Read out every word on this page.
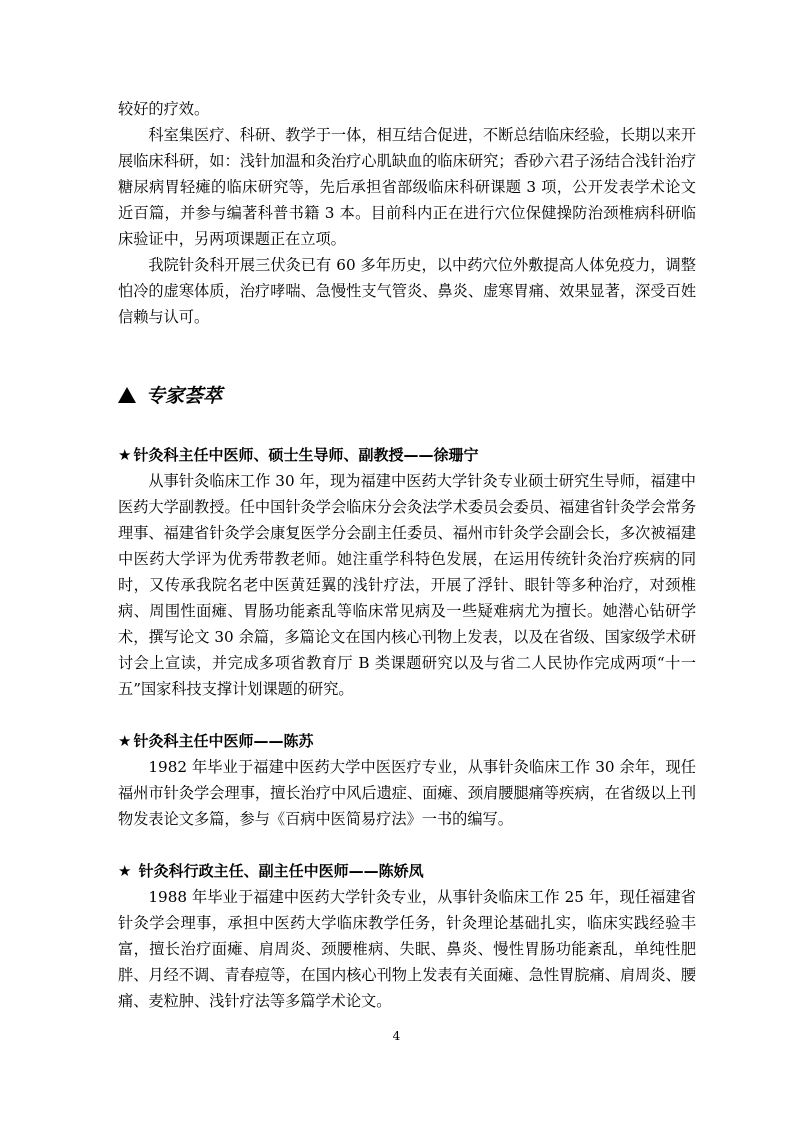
较好的疗效。

科室集医疗、科研、教学于一体，相互结合促进，不断总结临床经验，长期以来开展临床科研，如：浅针加温和灸治疗心肌缺血的临床研究；香砂六君子汤结合浅针治疗糖尿病胃轻瘫的临床研究等，先后承担省部级临床科研课题 3 项，公开发表学术论文近百篇，并参与编著科普书籍 3 本。目前科内正在进行穴位保健操防治颈椎病科研临床验证中，另两项课题正在立项。

我院针灸科开展三伏灸已有 60 多年历史，以中药穴位外敷提高人体免疫力，调整怕冷的虚寒体质，治疗哮喘、急慢性支气管炎、鼻炎、虚寒胃痛、效果显著，深受百姓信赖与认可。

专家荟萃

★ 针灸科主任中医师、硕士生导师、副教授——徐珊宁

从事针灸临床工作 30 年，现为福建中医药大学针灸专业硕士研究生导师，福建中医药大学副教授。任中国针灸学会临床分会灸法学术委员会委员、福建省针灸学会常务理事、福建省针灸学会康复医学分会副主任委员、福州市针灸学会副会长，多次被福建中医药大学评为优秀带教老师。她注重学科特色发展，在运用传统针灸治疗疾病的同时，又传承我院名老中医黄廷翼的浅针疗法，开展了浮针、眼针等多种治疗，对颈椎病、周围性面瘫、胃肠功能紊乱等临床常见病及一些疑难病尤为擅长。她潜心钻研学术，撰写论文 30 余篇，多篇论文在国内核心刊物上发表，以及在省级、国家级学术研讨会上宣读，并完成多项省教育厅 B 类课题研究以及与省二人民协作完成两项“十一五”国家科技支撑计划课题的研究。

★ 针灸科主任中医师——陈苏

1982 年毕业于福建中医药大学中医医疗专业，从事针灸临床工作 30 余年，现任福州市针灸学会理事，擅长治疗中风后遗症、面瘫、颈肩腰腿痛等疾病，在省级以上刊物发表论文多篇，参与《百病中医简易疗法》一书的编写。

★ 针灸科行政主任、副主任中医师——陈娇凤

1988 年毕业于福建中医药大学针灸专业，从事针灸临床工作 25 年，现任福建省针灸学会理事，承担中医药大学临床教学任务，针灸理论基础扎实，临床实践经验丰富，擅长治疗面瘫、肩周炎、颈腰椎病、失眠、鼻炎、慢性胃肠功能紊乱，单纯性肥胖、月经不调、青春痘等，在国内核心刊物上发表有关面瘫、急性胃脘痛、肩周炎、腰痛、麦粒肿、浅针疗法等多篇学术论文。

4
